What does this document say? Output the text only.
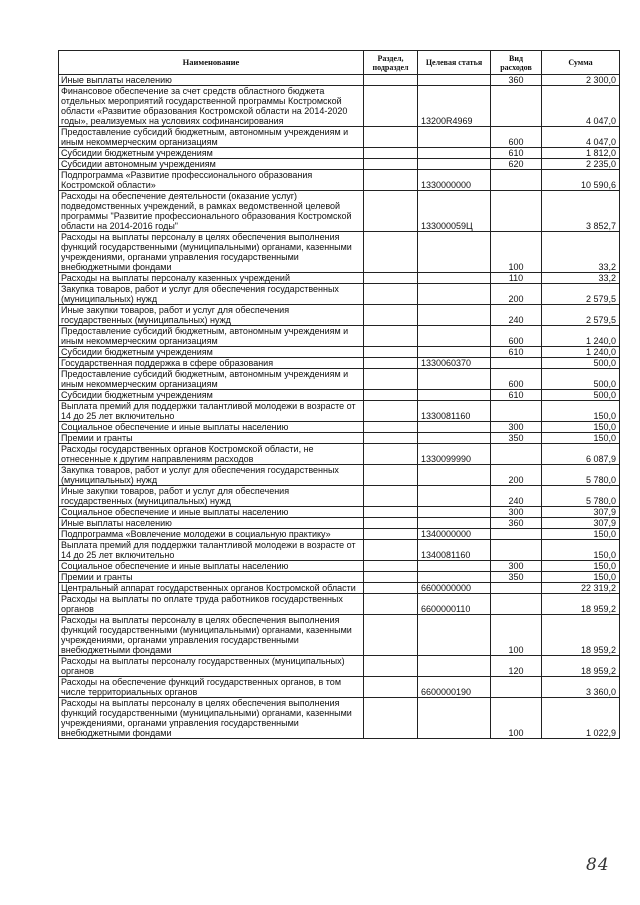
Наименование	Раздел, подраздел	Целевая статья	Вид расходов	Сумма
Иные выплаты населению			360	2 300,0
Финансовое обеспечение за счет средств областного бюджета отдельных мероприятий государственной программы Костромской области «Развитие образования Костромской области на 2014-2020 годы», реализуемых на условиях софинансирования		13200R4969		4 047,0
Предоставление субсидий бюджетным, автономным учреждениям и иным некоммерческим организациям			600	4 047,0
Субсидии бюджетным учреждениям			610	1 812,0
Субсидии автономным учреждениям			620	2 235,0
Подпрограмма «Развитие профессионального образования Костромской области»		1330000000		10 590,6
Расходы на обеспечение деятельности (оказание услуг) подведомственных учреждений, в рамках ведомственной целевой программы "Развитие профессионального образования Костромской области на 2014-2016 годы"		133000059Ц		3 852,7
Расходы на выплаты персоналу в целях обеспечения выполнения функций государственными (муниципальными) органами, казенными учреждениями, органами управления государственными внебюджетными фондами			100	33,2
Расходы на выплаты персоналу казенных учреждений			110	33,2
Закупка товаров, работ и услуг для обеспечения государственных (муниципальных) нужд			200	2 579,5
Иные закупки товаров, работ и услуг для обеспечения государственных (муниципальных) нужд			240	2 579,5
Предоставление субсидий бюджетным, автономным учреждениям и иным некоммерческим организациям			600	1 240,0
Субсидии бюджетным учреждениям			610	1 240,0
Государственная поддержка в сфере образования		1330060370		500,0
Предоставление субсидий бюджетным, автономным учреждениям и иным некоммерческим организациям			600	500,0
Субсидии бюджетным учреждениям			610	500,0
Выплата премий для поддержки талантливой молодежи в возрасте от 14 до 25 лет включительно		1330081160		150,0
Социальное обеспечение и иные выплаты населению			300	150,0
Премии и гранты			350	150,0
Расходы государственных органов Костромской области, не отнесенные к другим направлениям расходов		1330099990		6 087,9
Закупка товаров, работ и услуг для обеспечения государственных (муниципальных) нужд			200	5 780,0
Иные закупки товаров, работ и услуг для обеспечения государственных (муниципальных) нужд			240	5 780,0
Социальное обеспечение и иные выплаты населению			300	307,9
Иные выплаты населению			360	307,9
Подпрограмма «Вовлечение молодежи в социальную практику»		1340000000		150,0
Выплата премий для поддержки талантливой молодежи в возрасте от 14 до 25 лет включительно		1340081160		150,0
Социальное обеспечение и иные выплаты населению			300	150,0
Премии и гранты			350	150,0
Центральный аппарат государственных органов Костромской области		6600000000		22 319,2
Расходы на выплаты по оплате труда работников государственных органов		6600000110		18 959,2
Расходы на выплаты персоналу в целях обеспечения выполнения функций государственными (муниципальными) органами, казенными учреждениями, органами управления государственными внебюджетными фондами			100	18 959,2
Расходы на выплаты персоналу государственных (муниципальных) органов			120	18 959,2
Расходы на обеспечение функций государственных органов, в том числе территориальных органов		6600000190		3 360,0
Расходы на выплаты персоналу в целях обеспечения выполнения функций государственными (муниципальными) органами, казенными учреждениями, органами управления государственными внебюджетными фондами			100	1 022,9
84
